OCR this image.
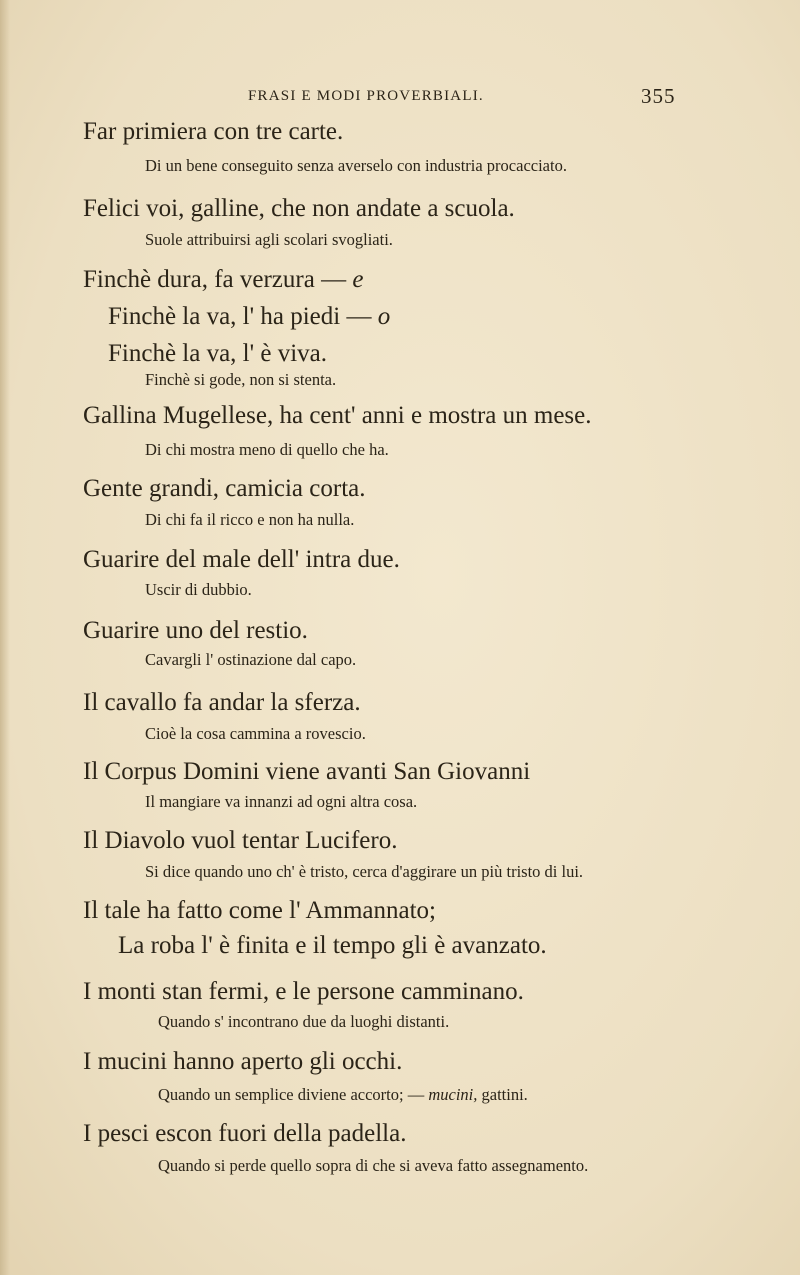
FRASI E MODI PROVERBIALI.	355
Far primiera con tre carte.
Di un bene conseguito senza averselo con industria procacciato.
Felici voi, galline, che non andate a scuola.
Suole attribuirsi agli scolari svogliati.
Finchè dura, fa verzura — e
Finchè la va, l' ha piedi — o
Finchè la va, l' è viva.
Finchè si gode, non si stenta.
Gallina Mugellese, ha cent' anni e mostra un mese.
Di chi mostra meno di quello che ha.
Gente grandi, camicia corta.
Di chi fa il ricco e non ha nulla.
Guarire del male dell' intra due.
Uscir di dubbio.
Guarire uno del restio.
Cavargli l' ostinazione dal capo.
Il cavallo fa andar la sferza.
Cioè la cosa cammina a rovescio.
Il Corpus Domini viene avanti San Giovanni
Il mangiare va innanzi ad ogni altra cosa.
Il Diavolo vuol tentar Lucifero.
Si dice quando uno ch' è tristo, cerca d'aggirare un più tristo di lui.
Il tale ha fatto come l' Ammannato;
La roba l' è finita e il tempo gli è avanzato.
I monti stan fermi, e le persone camminano.
Quando s' incontrano due da luoghi distanti.
I mucini hanno aperto gli occhi.
Quando un semplice diviene accorto; — mucini, gattini.
I pesci escon fuori della padella.
Quando si perde quello sopra di che si aveva fatto assegnamento.
